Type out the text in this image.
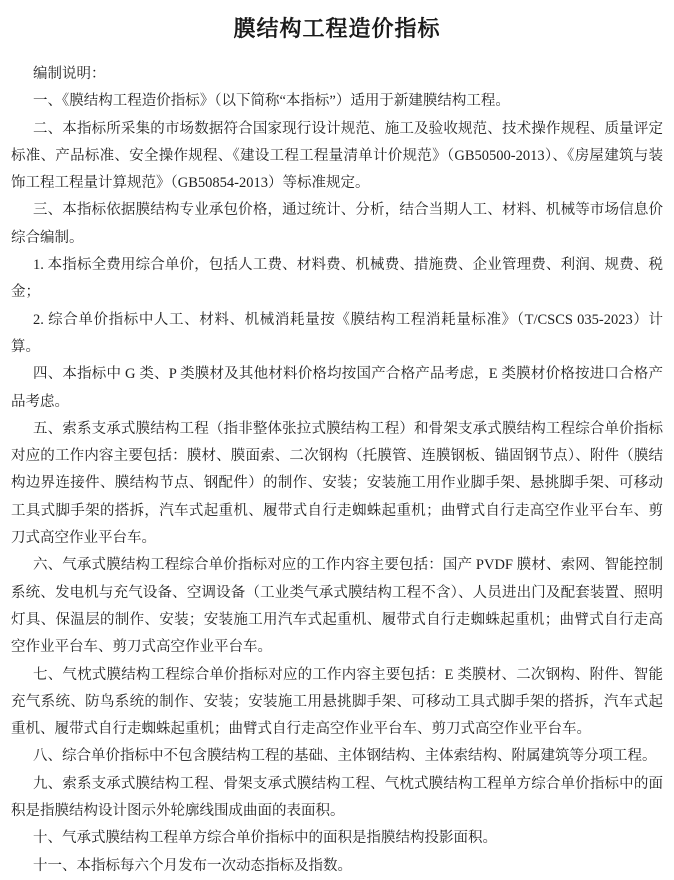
膜结构工程造价指标

编制说明：

一、《膜结构工程造价指标》（以下简称“本指标”）适用于新建膜结构工程。

二、本指标所采集的市场数据符合国家现行设计规范、施工及验收规范、技术操作规程、质量评定标准、产品标准、安全操作规程、《建设工程工程量清单计价规范》（GB50500-2013）、《房屋建筑与装饰工程工程量计算规范》（GB50854-2013）等标准规定。

三、本指标依据膜结构专业承包价格，通过统计、分析，结合当期人工、材料、机械等市场信息价综合编制。

1. 本指标全费用综合单价，包括人工费、材料费、机械费、措施费、企业管理费、利润、规费、税金；

2. 综合单价指标中人工、材料、机械消耗量按《膜结构工程消耗量标准》（T/CSCS 035-2023）计算。

四、本指标中 G 类、P 类膜材及其他材料价格均按国产合格产品考虑，E 类膜材价格按进口合格产品考虑。

五、索系支承式膜结构工程（指非整体张拉式膜结构工程）和骨架支承式膜结构工程综合单价指标对应的工作内容主要包括：膜材、膜面索、二次钢构（托膜管、连膜钢板、锚固钢节点）、附件（膜结构边界连接件、膜结构节点、钢配件）的制作、安装；安装施工用作业脚手架、悬挑脚手架、可移动工具式脚手架的搭拆，汽车式起重机、履带式自行走蜘蛛起重机；曲臂式自行走高空作业平台车、剪刀式高空作业平台车。

六、气承式膜结构工程综合单价指标对应的工作内容主要包括：国产 PVDF 膜材、索网、智能控制系统、发电机与充气设备、空调设备（工业类气承式膜结构工程不含）、人员进出门及配套装置、照明灯具、保温层的制作、安装；安装施工用汽车式起重机、履带式自行走蜘蛛起重机；曲臂式自行走高空作业平台车、剪刀式高空作业平台车。

七、气枕式膜结构工程综合单价指标对应的工作内容主要包括：E 类膜材、二次钢构、附件、智能充气系统、防鸟系统的制作、安装；安装施工用悬挑脚手架、可移动工具式脚手架的搭拆，汽车式起重机、履带式自行走蜘蛛起重机；曲臂式自行走高空作业平台车、剪刀式高空作业平台车。

八、综合单价指标中不包含膜结构工程的基础、主体钢结构、主体索结构、附属建筑等分项工程。

九、索系支承式膜结构工程、骨架支承式膜结构工程、气枕式膜结构工程单方综合单价指标中的面积是指膜结构设计图示外轮廓线围成曲面的表面积。

十、气承式膜结构工程单方综合单价指标中的面积是指膜结构投影面积。

十一、本指标每六个月发布一次动态指标及指数。
